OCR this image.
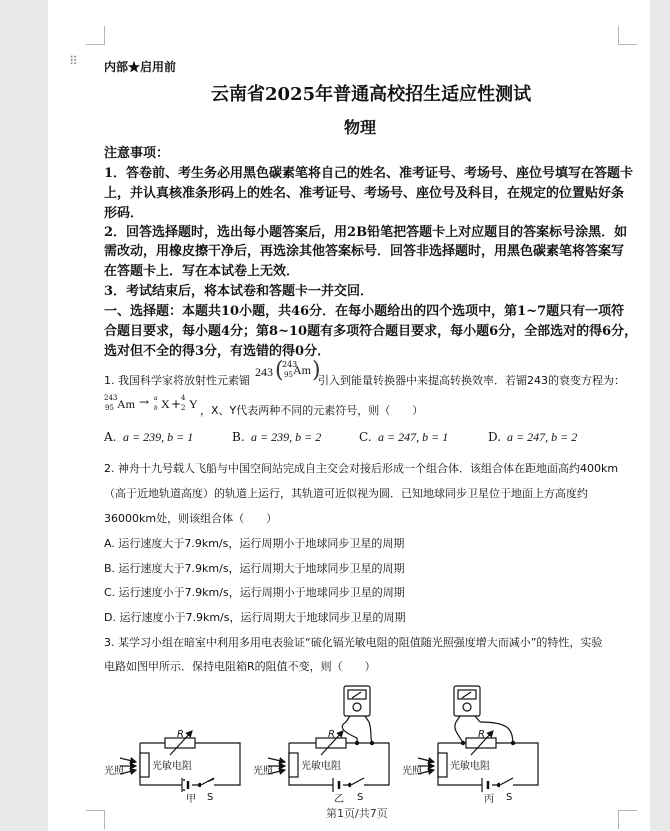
⠿	内部★启用前
云南省2025年普通高校招生适应性测试
物理
注意事项：
1．答卷前、考生务必用黑色碳素笔将自己的姓名、准考证号、考场号、座位号填写在答题卡
上，并认真核准条形码上的姓名、准考证号、考场号、座位号及科目，在规定的位置贴好条
形码．
2．回答选择题时，选出每小题答案后，用2B铅笔把答题卡上对应题目的答案标号涂黑．如
需改动，用橡皮擦干净后，再选涂其他答案标号．回答非选择题时，用黑色碳素笔将答案写
在答题卡上．写在本试卷上无效．
3．考试结束后，将本试卷和答题卡一并交回．
一、选择题：本题共10小题，共46分．在每小题给出的四个选项中，第1~7题只有一项符
合题目要求，每小题4分；第8~10题有多项符合题目要求，每小题6分，全部选对的得6分，
选对但不全的得3分，有选错的得0分．
1. 我国科学家将放射性元素镅
243 (
243
95 Am )
引入到能量转换器中来提高转换效率．若镅243的衰变方程为：
243
95 Am → a
b X + 4
2 Y ，X、Y代表两种不同的元素符号，则（　　）
A. a = 239, b = 1	B. a = 239, b = 2	C. a = 247, b = 1	D. a = 247, b = 2
2. 神舟十九号载人飞船与中国空间站完成自主交会对接后形成一个组合体．该组合体在距地面高约400km
（高于近地轨道高度）的轨道上运行，其轨道可近似视为圆．已知地球同步卫星位于地面上方高度约
36000km处，则该组合体（　　）
A. 运行速度大于7.9km/s，运行周期小于地球同步卫星的周期
B. 运行速度大于7.9km/s，运行周期大于地球同步卫星的周期
C. 运行速度小于7.9km/s，运行周期小于地球同步卫星的周期
D. 运行速度小于7.9km/s，运行周期大于地球同步卫星的周期
3. 某学习小组在暗室中利用多用电表验证“硫化镉光敏电阻的阻值随光照强度增大而减小”的特性，实验
电路如图甲所示．保持电阻箱R的阻值不变，则（　　）
光照	光敏电阻
R
S
甲
光照	光敏电阻
R
S
乙
光照	光敏电阻
R
S
丙
第1页/共7页
